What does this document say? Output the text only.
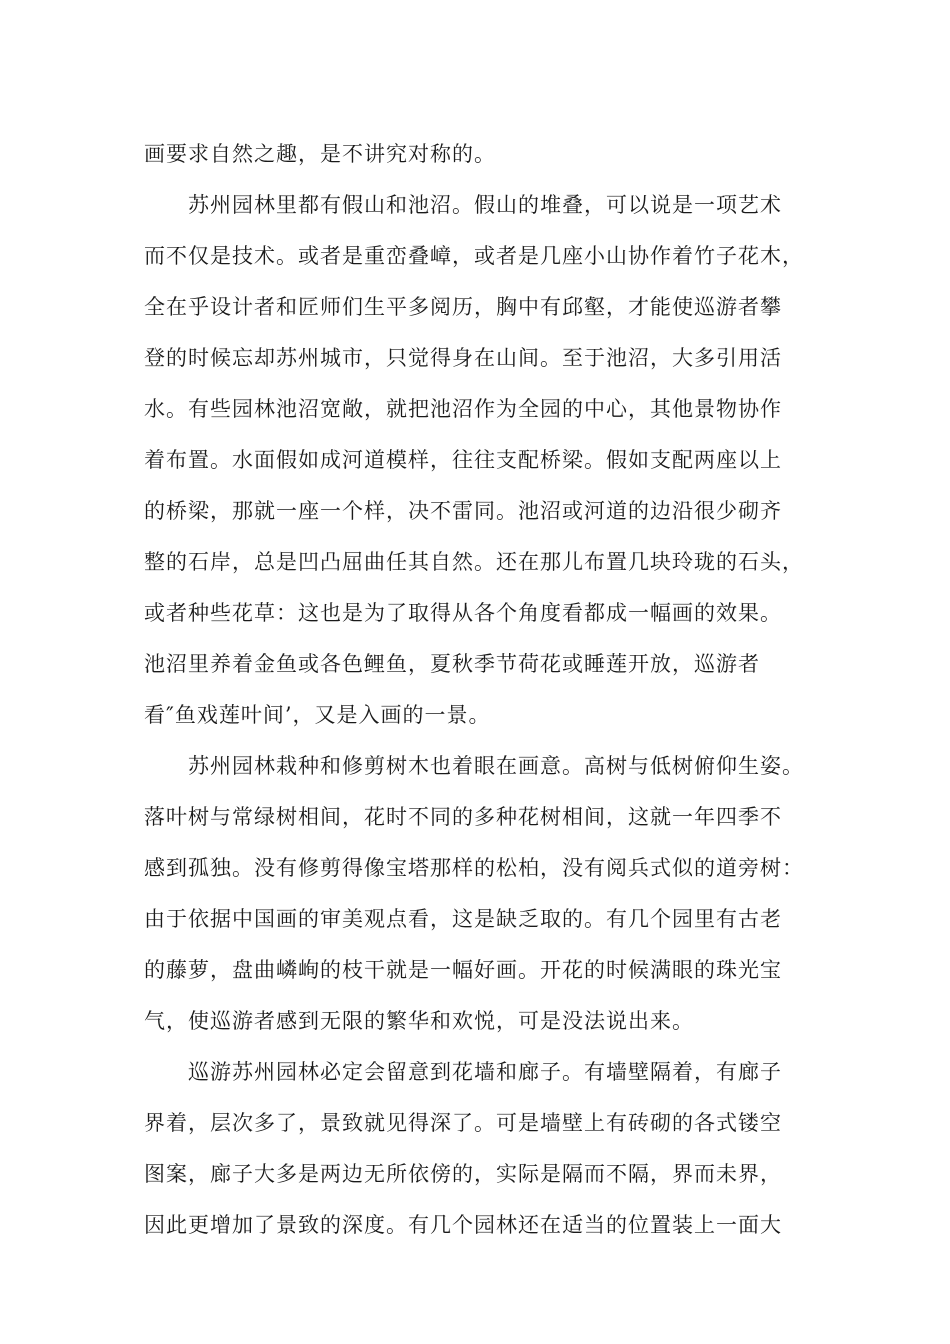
画要求自然之趣，是不讲究对称的。
　　苏州园林里都有假山和池沼。假山的堆叠，可以说是一项艺术
而不仅是技术。或者是重峦叠嶂，或者是几座小山协作着竹子花木，
全在乎设计者和匠师们生平多阅历，胸中有邱壑，才能使巡游者攀
登的时候忘却苏州城市，只觉得身在山间。至于池沼，大多引用活
水。有些园林池沼宽敞，就把池沼作为全园的中心，其他景物协作
着布置。水面假如成河道模样，往往支配桥梁。假如支配两座以上
的桥梁，那就一座一个样，决不雷同。池沼或河道的边沿很少砌齐
整的石岸，总是凹凸屈曲任其自然。还在那儿布置几块玲珑的石头，
或者种些花草：这也是为了取得从各个角度看都成一幅画的效果。
池沼里养着金鱼或各色鲤鱼，夏秋季节荷花或睡莲开放，巡游者
看″鱼戏莲叶间’，又是入画的一景。
　　苏州园林栽种和修剪树木也着眼在画意。高树与低树俯仰生姿。
落叶树与常绿树相间，花时不同的多种花树相间，这就一年四季不
感到孤独。没有修剪得像宝塔那样的松柏，没有阅兵式似的道旁树：
由于依据中国画的审美观点看，这是缺乏取的。有几个园里有古老
的藤萝，盘曲嶙峋的枝干就是一幅好画。开花的时候满眼的珠光宝
气，使巡游者感到无限的繁华和欢悦，可是没法说出来。
　　巡游苏州园林必定会留意到花墙和廊子。有墙壁隔着，有廊子
界着，层次多了，景致就见得深了。可是墙壁上有砖砌的各式镂空
图案，廊子大多是两边无所依傍的，实际是隔而不隔，界而未界，
因此更增加了景致的深度。有几个园林还在适当的位置装上一面大
